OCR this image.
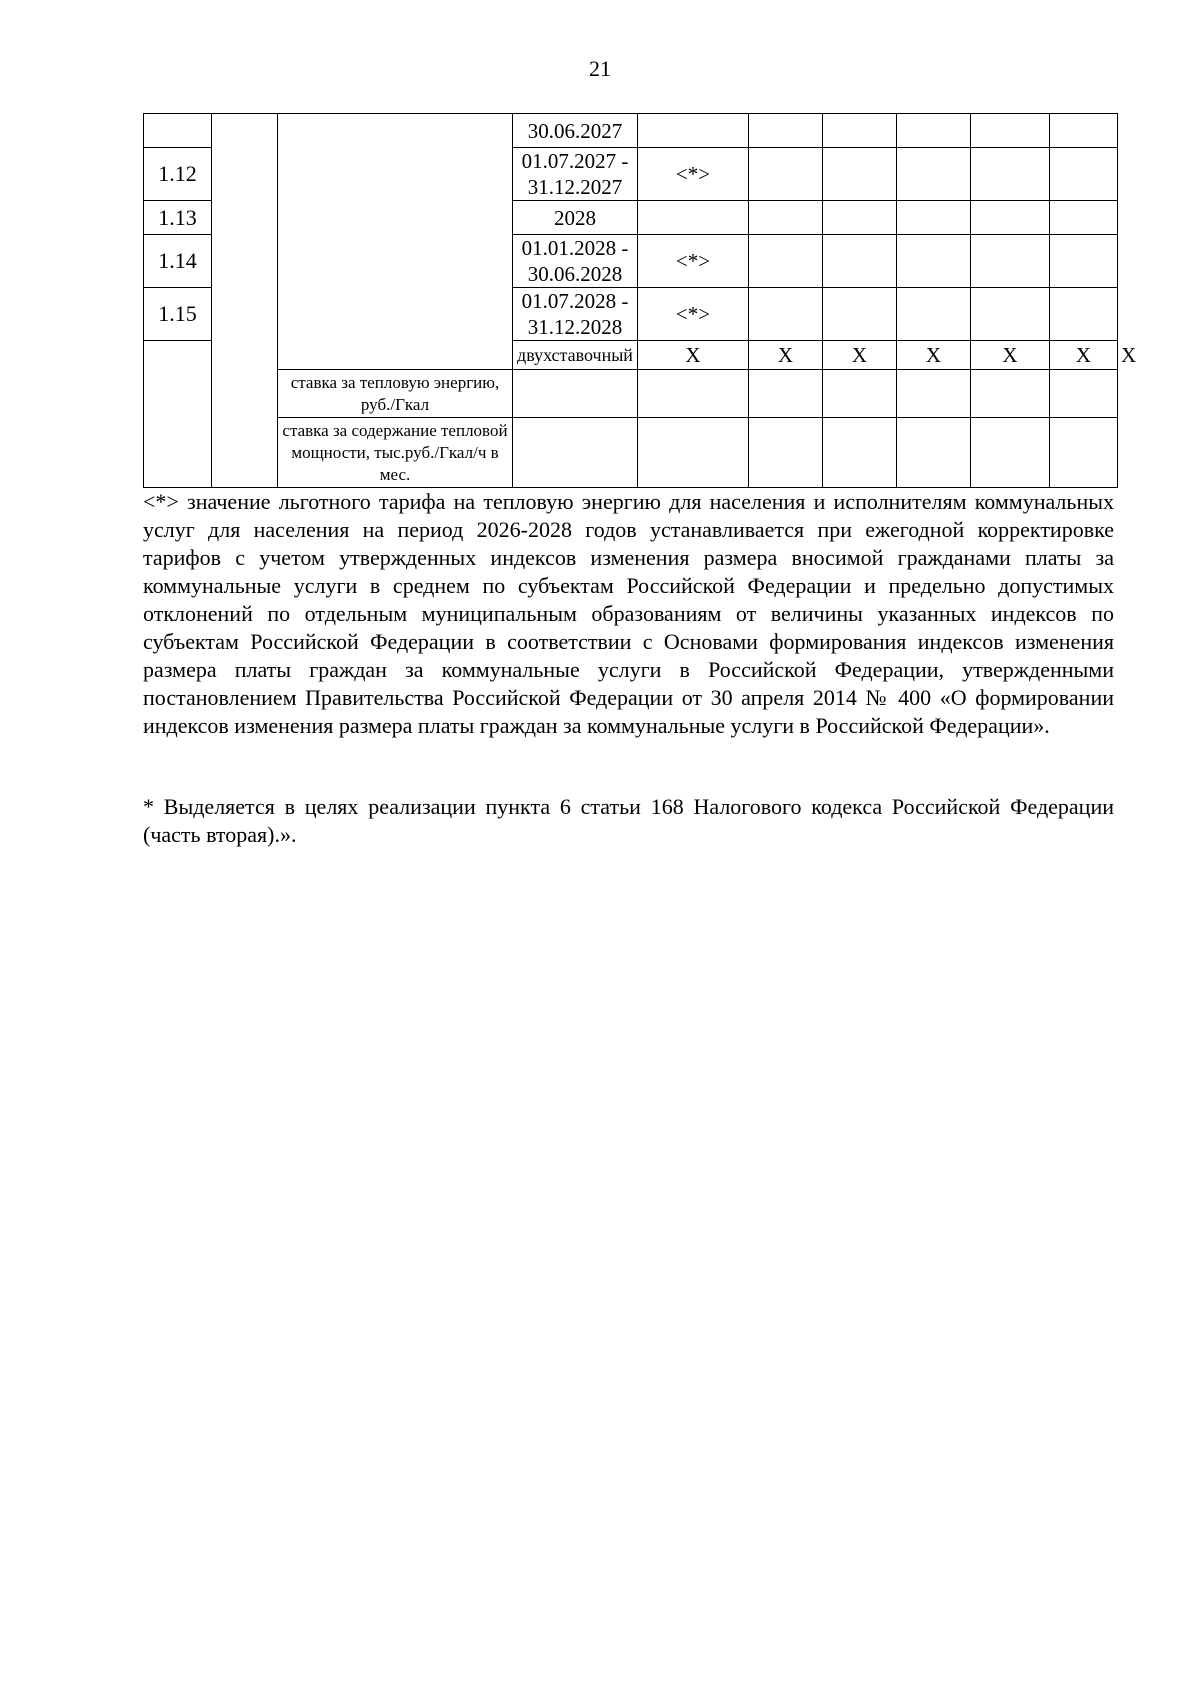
21
			30.06.2027							
1.12			01.07.2027 - 31.12.2027	<*>						
1.13			2028							
1.14			01.01.2028 - 30.06.2028	<*>						
1.15			01.07.2028 - 31.12.2028	<*>						
			двухставочный	X	X	X	X	X	X	X
		ставка за тепловую энергию, руб./Гкал								
		ставка за содержание тепловой мощности, тыс.руб./Гкал/ч в мес.								
<*> значение льготного тарифа на тепловую энергию для населения и исполнителям коммунальных услуг для населения на период 2026-2028 годов устанавливается при ежегодной корректировке тарифов с учетом утвержденных индексов изменения размера вносимой гражданами платы за коммунальные услуги в среднем по субъектам Российской Федерации и предельно допустимых отклонений по отдельным муниципальным образованиям от величины указанных индексов по субъектам Российской Федерации в соответствии с Основами формирования индексов изменения размера платы граждан за коммунальные услуги в Российской Федерации, утвержденными постановлением Правительства Российской Федерации от 30 апреля 2014 № 400 «О формировании индексов изменения размера платы граждан за коммунальные услуги в Российской Федерации».
* Выделяется в целях реализации пункта 6 статьи 168 Налогового кодекса Российской Федерации (часть вторая).».
